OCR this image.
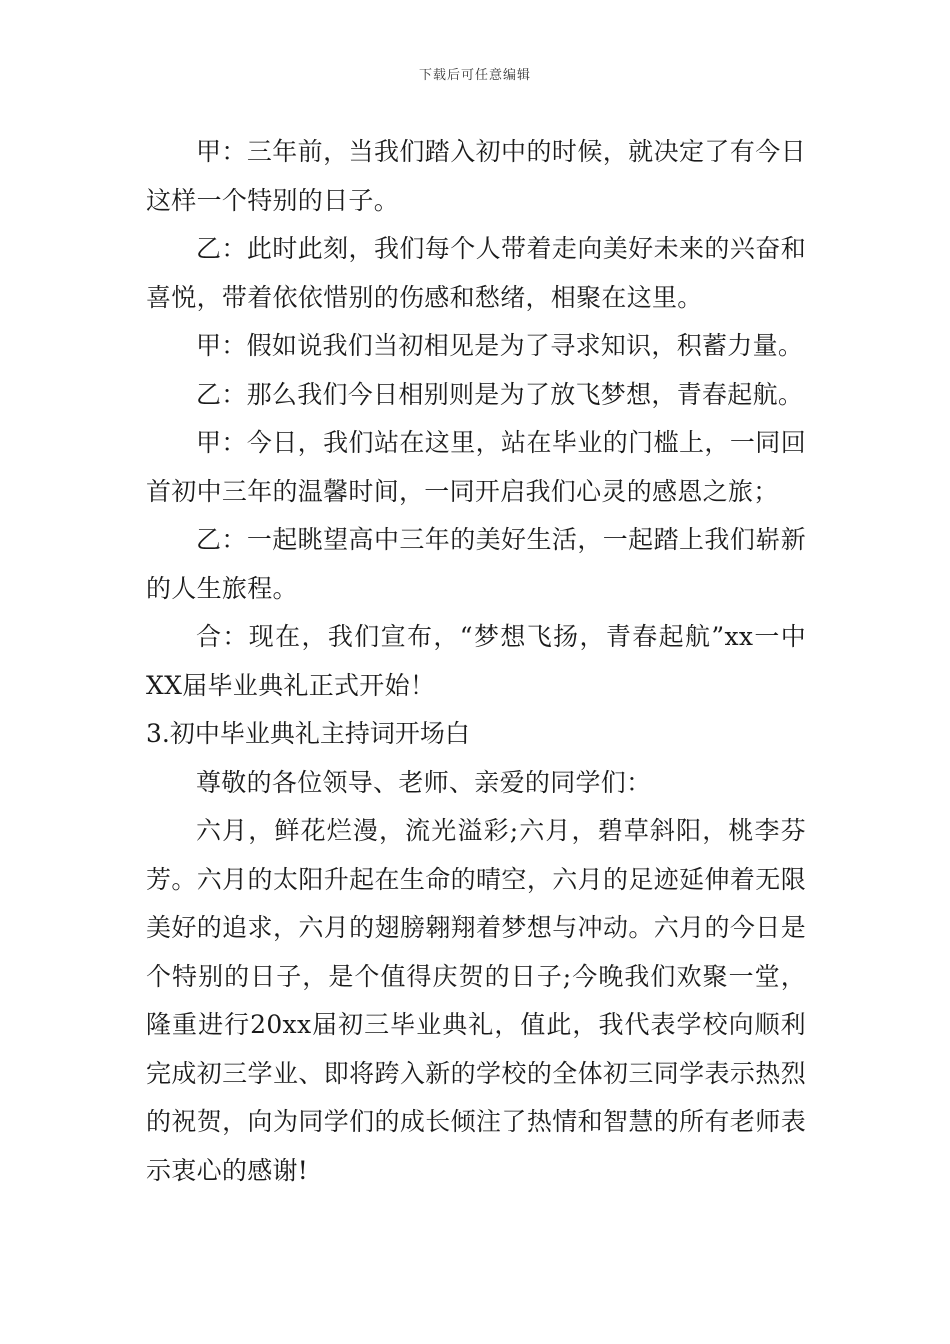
下载后可任意编辑

甲：三年前，当我们踏入初中的时候，就决定了有今日这样一个特别的日子。

乙：此时此刻，我们每个人带着走向美好未来的兴奋和喜悦，带着依依惜别的伤感和愁绪，相聚在这里。

甲：假如说我们当初相见是为了寻求知识，积蓄力量。

乙：那么我们今日相别则是为了放飞梦想，青春起航。

甲：今日，我们站在这里，站在毕业的门槛上，一同回首初中三年的温馨时间，一同开启我们心灵的感恩之旅；

乙：一起眺望高中三年的美好生活，一起踏上我们崭新的人生旅程。

合：现在，我们宣布，“梦想飞扬，青春起航”xx一中XX届毕业典礼正式开始！

3.初中毕业典礼主持词开场白

尊敬的各位领导、老师、亲爱的同学们：

六月，鲜花烂漫，流光溢彩;六月，碧草斜阳，桃李芬芳。六月的太阳升起在生命的晴空，六月的足迹延伸着无限美好的追求，六月的翅膀翱翔着梦想与冲动。六月的今日是个特别的日子，是个值得庆贺的日子;今晚我们欢聚一堂，隆重进行20xx届初三毕业典礼，值此，我代表学校向顺利完成初三学业、即将跨入新的学校的全体初三同学表示热烈的祝贺，向为同学们的成长倾注了热情和智慧的所有老师表示衷心的感谢!
